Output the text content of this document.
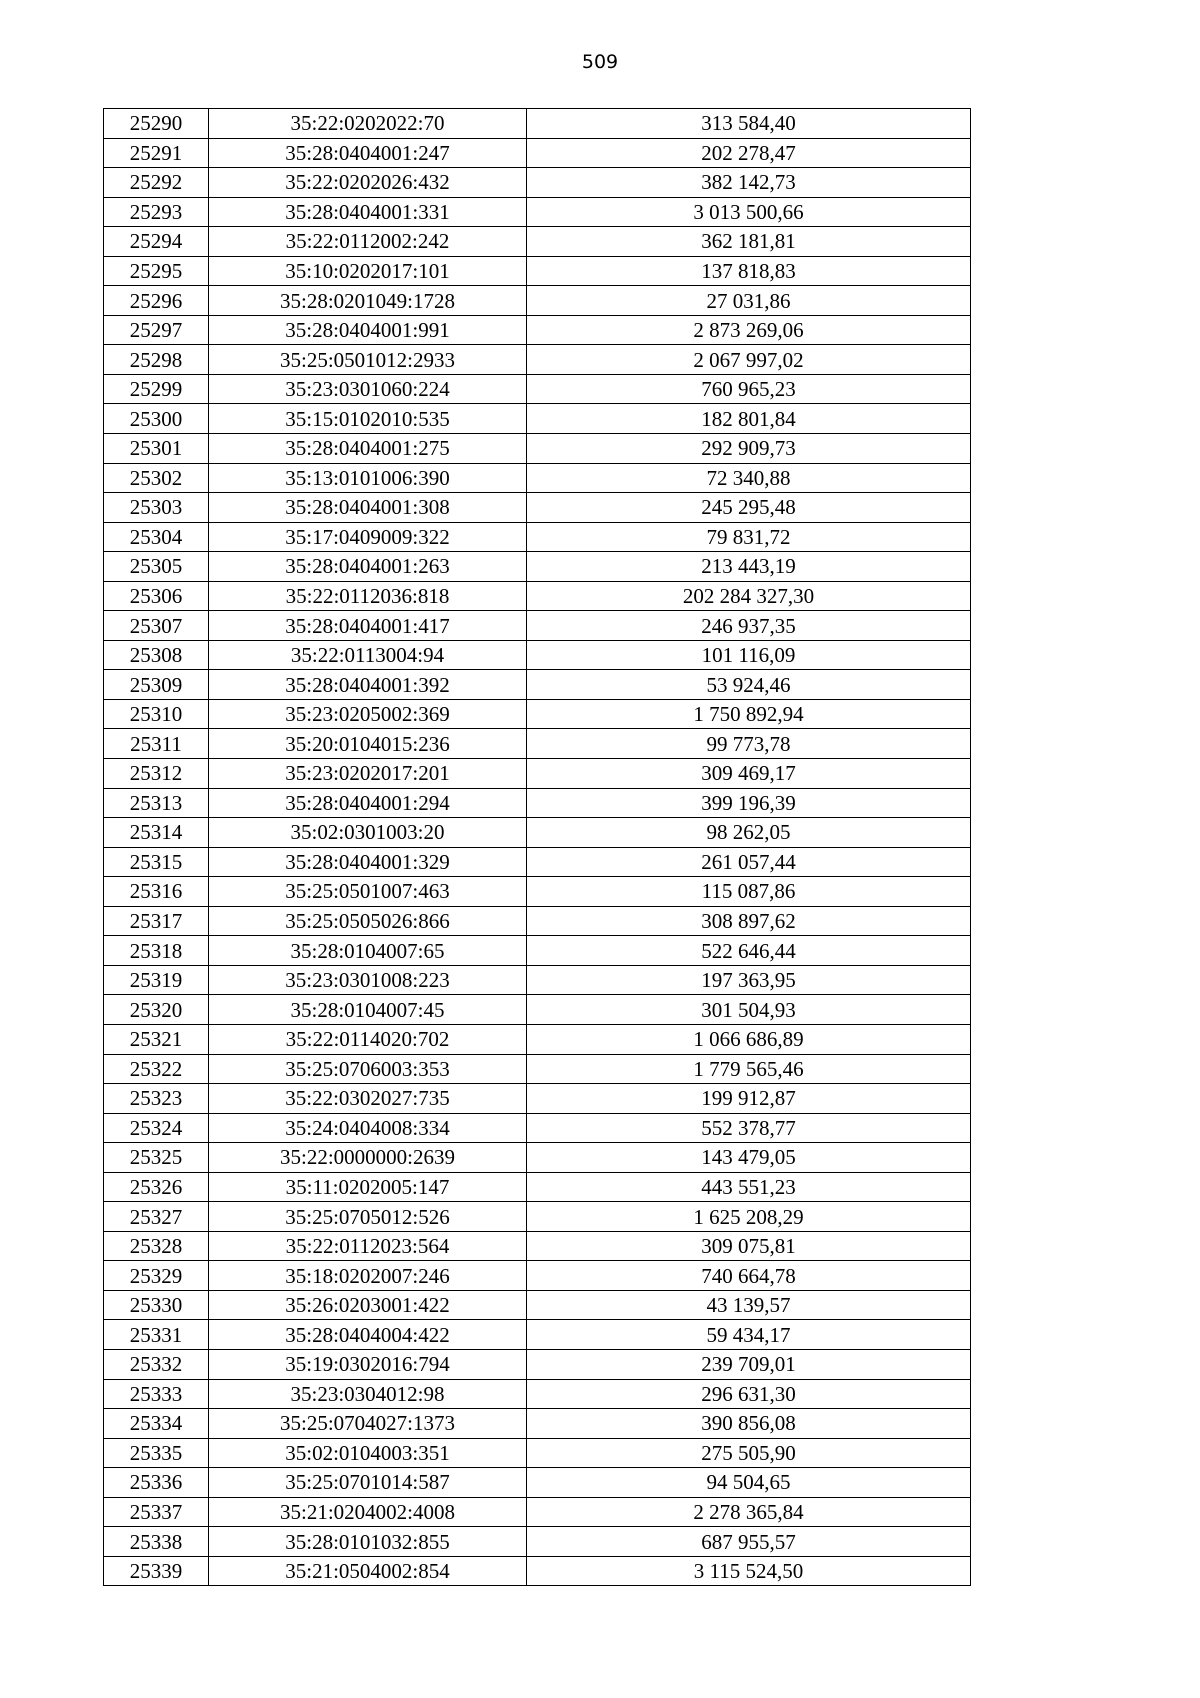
509
25290	35:22:0202022:70	313 584,40
25291	35:28:0404001:247	202 278,47
25292	35:22:0202026:432	382 142,73
25293	35:28:0404001:331	3 013 500,66
25294	35:22:0112002:242	362 181,81
25295	35:10:0202017:101	137 818,83
25296	35:28:0201049:1728	27 031,86
25297	35:28:0404001:991	2 873 269,06
25298	35:25:0501012:2933	2 067 997,02
25299	35:23:0301060:224	760 965,23
25300	35:15:0102010:535	182 801,84
25301	35:28:0404001:275	292 909,73
25302	35:13:0101006:390	72 340,88
25303	35:28:0404001:308	245 295,48
25304	35:17:0409009:322	79 831,72
25305	35:28:0404001:263	213 443,19
25306	35:22:0112036:818	202 284 327,30
25307	35:28:0404001:417	246 937,35
25308	35:22:0113004:94	101 116,09
25309	35:28:0404001:392	53 924,46
25310	35:23:0205002:369	1 750 892,94
25311	35:20:0104015:236	99 773,78
25312	35:23:0202017:201	309 469,17
25313	35:28:0404001:294	399 196,39
25314	35:02:0301003:20	98 262,05
25315	35:28:0404001:329	261 057,44
25316	35:25:0501007:463	115 087,86
25317	35:25:0505026:866	308 897,62
25318	35:28:0104007:65	522 646,44
25319	35:23:0301008:223	197 363,95
25320	35:28:0104007:45	301 504,93
25321	35:22:0114020:702	1 066 686,89
25322	35:25:0706003:353	1 779 565,46
25323	35:22:0302027:735	199 912,87
25324	35:24:0404008:334	552 378,77
25325	35:22:0000000:2639	143 479,05
25326	35:11:0202005:147	443 551,23
25327	35:25:0705012:526	1 625 208,29
25328	35:22:0112023:564	309 075,81
25329	35:18:0202007:246	740 664,78
25330	35:26:0203001:422	43 139,57
25331	35:28:0404004:422	59 434,17
25332	35:19:0302016:794	239 709,01
25333	35:23:0304012:98	296 631,30
25334	35:25:0704027:1373	390 856,08
25335	35:02:0104003:351	275 505,90
25336	35:25:0701014:587	94 504,65
25337	35:21:0204002:4008	2 278 365,84
25338	35:28:0101032:855	687 955,57
25339	35:21:0504002:854	3 115 524,50
